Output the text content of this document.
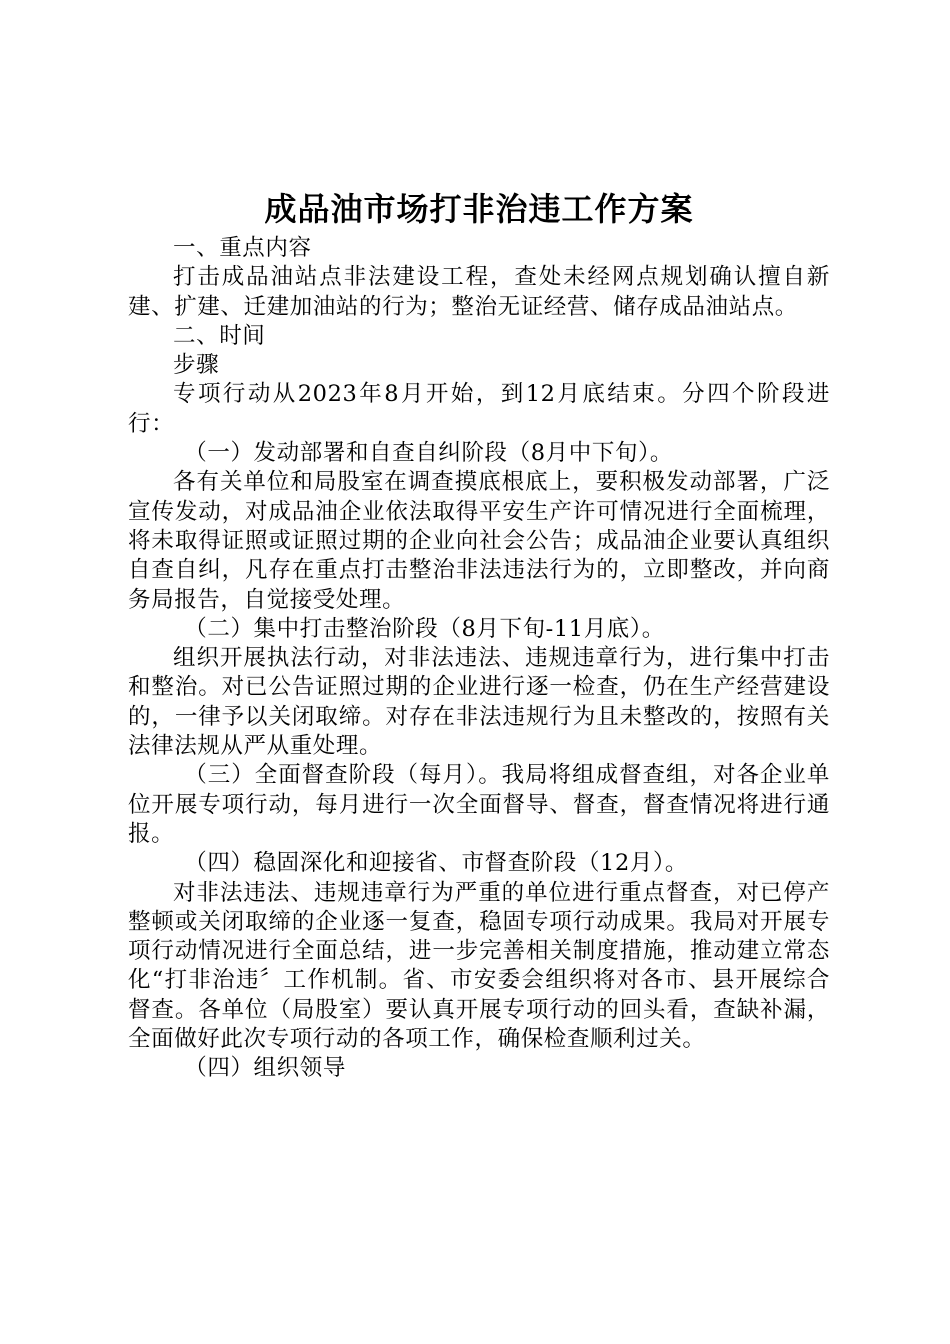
成品油市场打非治违工作方案

一、重点内容

打击成品油站点非法建设工程，查处未经网点规划确认擅自新建、扩建、迁建加油站的行为；整治无证经营、储存成品油站点。

二、时间

步骤

专项行动从2023年8月开始，到12月底结束。分四个阶段进行：

（一）发动部署和自查自纠阶段（8月中下旬）。

各有关单位和局股室在调查摸底根底上，要积极发动部署，广泛宣传发动，对成品油企业依法取得平安生产许可情况进行全面梳理，将未取得证照或证照过期的企业向社会公告；成品油企业要认真组织自查自纠，凡存在重点打击整治非法违法行为的，立即整改，并向商务局报告，自觉接受处理。

（二）集中打击整治阶段（8月下旬-11月底）。

组织开展执法行动，对非法违法、违规违章行为，进行集中打击和整治。对已公告证照过期的企业进行逐一检查，仍在生产经营建设的，一律予以关闭取缔。对存在非法违规行为且未整改的，按照有关法律法规从严从重处理。

（三）全面督查阶段（每月）。我局将组成督查组，对各企业单位开展专项行动，每月进行一次全面督导、督查，督查情况将进行通报。

（四）稳固深化和迎接省、市督查阶段（12月）。

对非法违法、违规违章行为严重的单位进行重点督查，对已停产整顿或关闭取缔的企业逐一复查，稳固专项行动成果。我局对开展专项行动情况进行全面总结，进一步完善相关制度措施，推动建立常态化“打非治违〞工作机制。省、市安委会组织将对各市、县开展综合督查。各单位（局股室）要认真开展专项行动的回头看，查缺补漏，全面做好此次专项行动的各项工作，确保检查顺利过关。

（四）组织领导
